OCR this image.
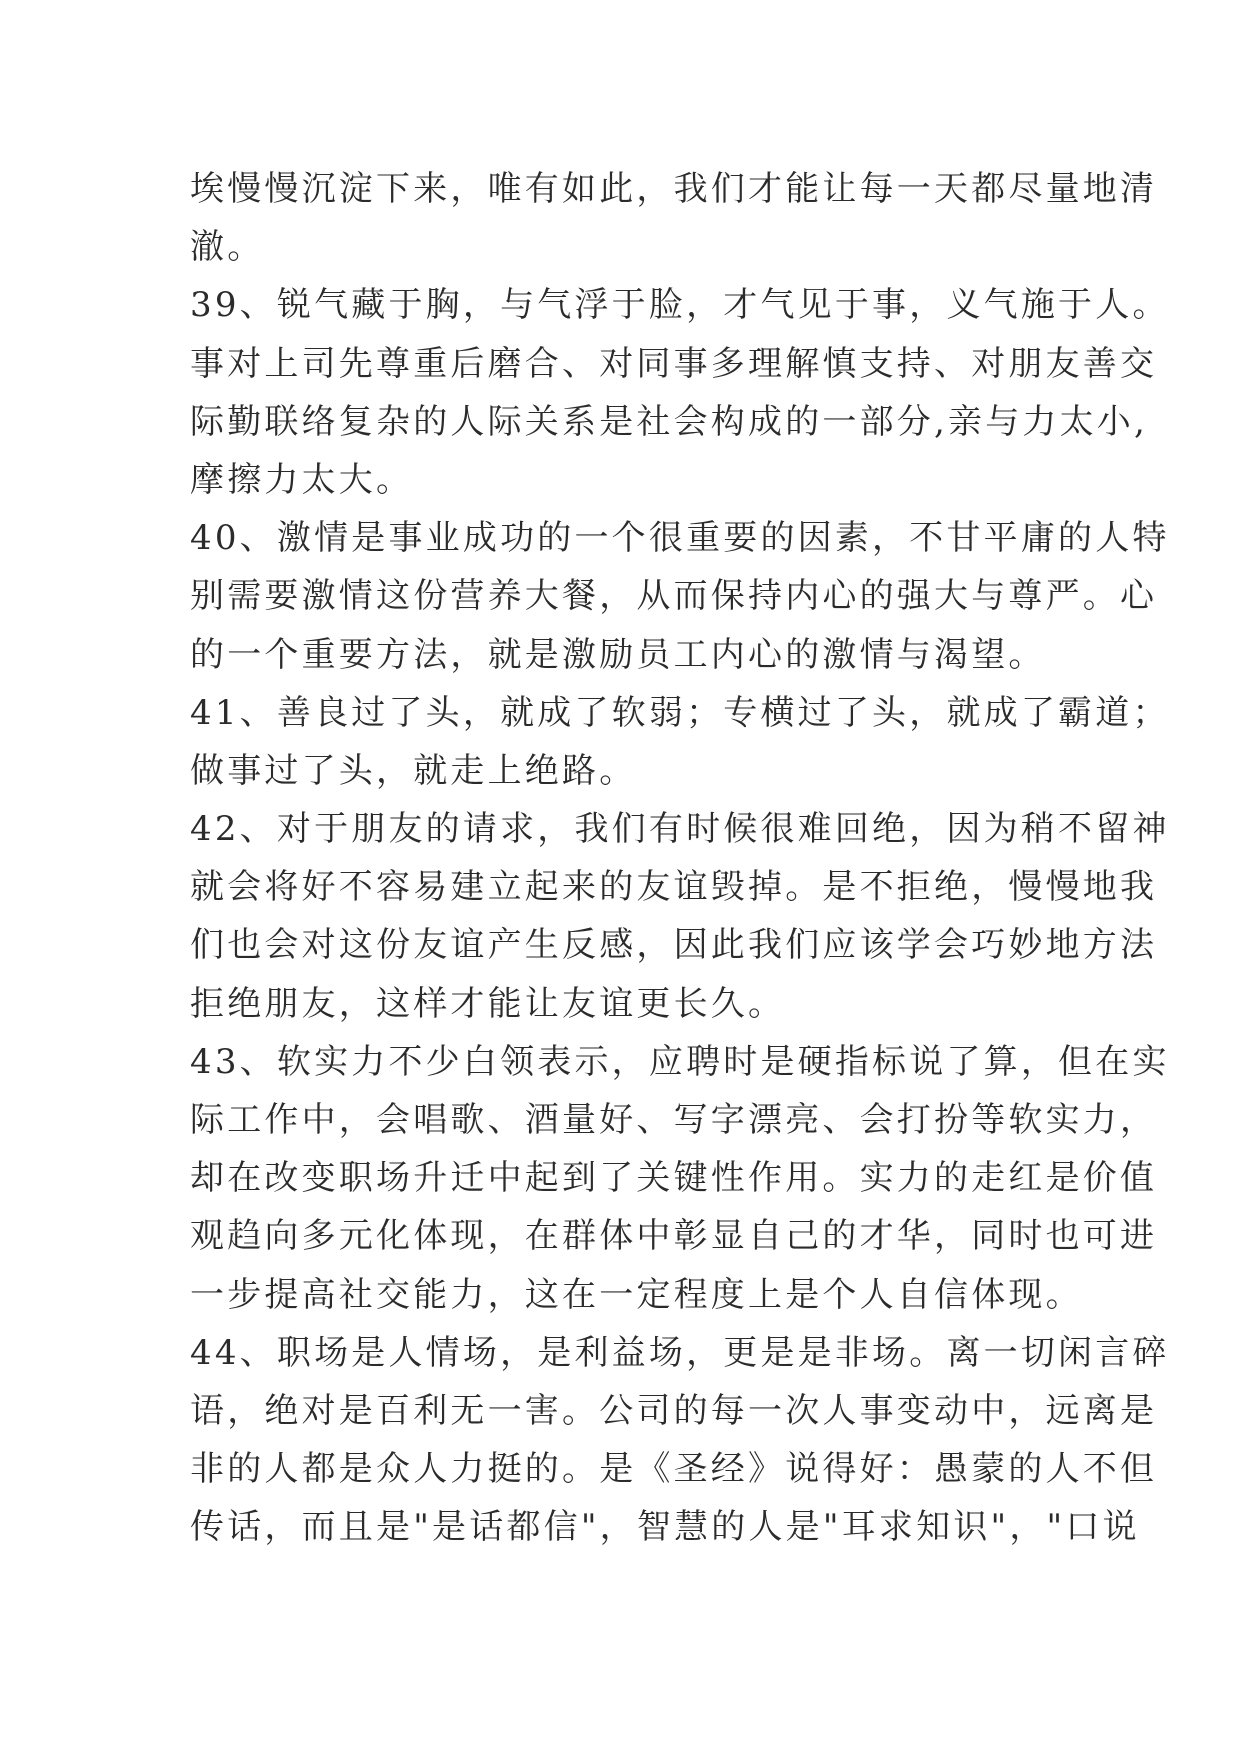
埃慢慢沉淀下来，唯有如此，我们才能让每一天都尽量地清
澈。
39、锐气藏于胸，与气浮于脸，才气见于事，义气施于人。
事对上司先尊重后磨合、对同事多理解慎支持、对朋友善交
际勤联络复杂的人际关系是社会构成的一部分,亲与力太小,
摩擦力太大。
40、激情是事业成功的一个很重要的因素，不甘平庸的人特
别需要激情这份营养大餐，从而保持内心的强大与尊严。心
的一个重要方法，就是激励员工内心的激情与渴望。
41、善良过了头，就成了软弱；专横过了头，就成了霸道；
做事过了头，就走上绝路。
42、对于朋友的请求，我们有时候很难回绝，因为稍不留神
就会将好不容易建立起来的友谊毁掉。是不拒绝，慢慢地我
们也会对这份友谊产生反感，因此我们应该学会巧妙地方法
拒绝朋友，这样才能让友谊更长久。
43、软实力不少白领表示，应聘时是硬指标说了算，但在实
际工作中，会唱歌、酒量好、写字漂亮、会打扮等软实力，
却在改变职场升迁中起到了关键性作用。实力的走红是价值
观趋向多元化体现，在群体中彰显自己的才华，同时也可进
一步提高社交能力，这在一定程度上是个人自信体现。
44、职场是人情场，是利益场，更是是非场。离一切闲言碎
语，绝对是百利无一害。公司的每一次人事变动中，远离是
非的人都是众人力挺的。是《圣经》说得好：愚蒙的人不但
传话，而且是"是话都信"，智慧的人是"耳求知识"，"口说
